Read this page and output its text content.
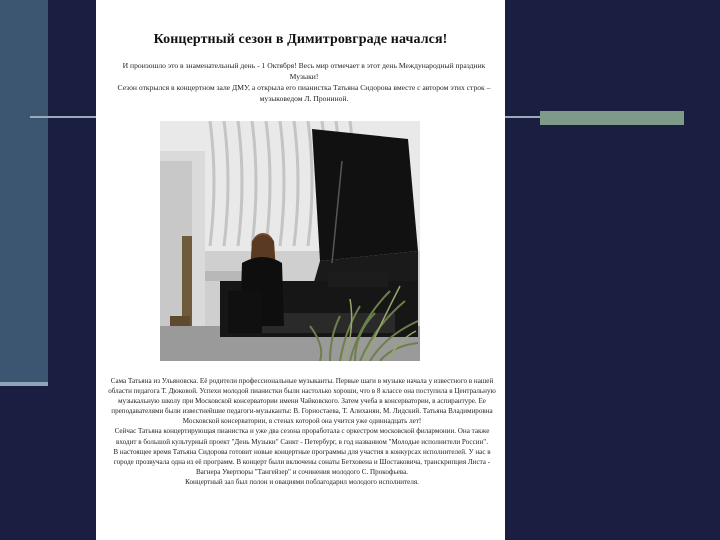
Концертный сезон в Димитровграде начался!

И произошло это в знаменательный день - 1 Октября! Весь мир отмечает в этот день Международный праздник Музыки!

Сезон открылся в концертном зале ДМУ, а открыла его пианистка Татьяна Сидорова вместе с автором этих строк – музыковедом Л. Прониной.

Сама Татьяна из Ульяновска. Её родители профессиональные музыканты. Первые шаги в музыке начала у известного в нашей области педагога Т. Дюковой. Успехи молодой пианистки были настолько хороши, что в 8 классе она поступила в Центральную музыкальную школу при Московской консерватории имени Чайковского. Затем учеба в консерватории, в аспирантуре. Ее преподавателями были известнейшие педагоги-музыканты: В. Горностаева, Т. Алиханян, М. Лидский. Татьяна Владимировна Московской консерватории, в стенах которой она учится уже одиннадцать лет!

Сейчас Татьяна концертирующая пианистка и уже два сезона проработала с оркестром московской филармонии. Она также входит в большой культурный проект "День Музыки" Санкт - Петербург, в год названном "Молодые исполнители России".

В настоящее время Татьяна Сидорова готовит новые концертные программы для участия в конкурсах исполнителей. У нас в городе прозвучала одна из её программ. В концерт были включены сонаты Бетховена и Шостаковича, транскрипция Листа - Вагнера Увертюры "Тангейзер" и сочинения молодого С. Прокофьева.

Концертный зал был полон и овациями поблагодарил молодого исполнителя.
